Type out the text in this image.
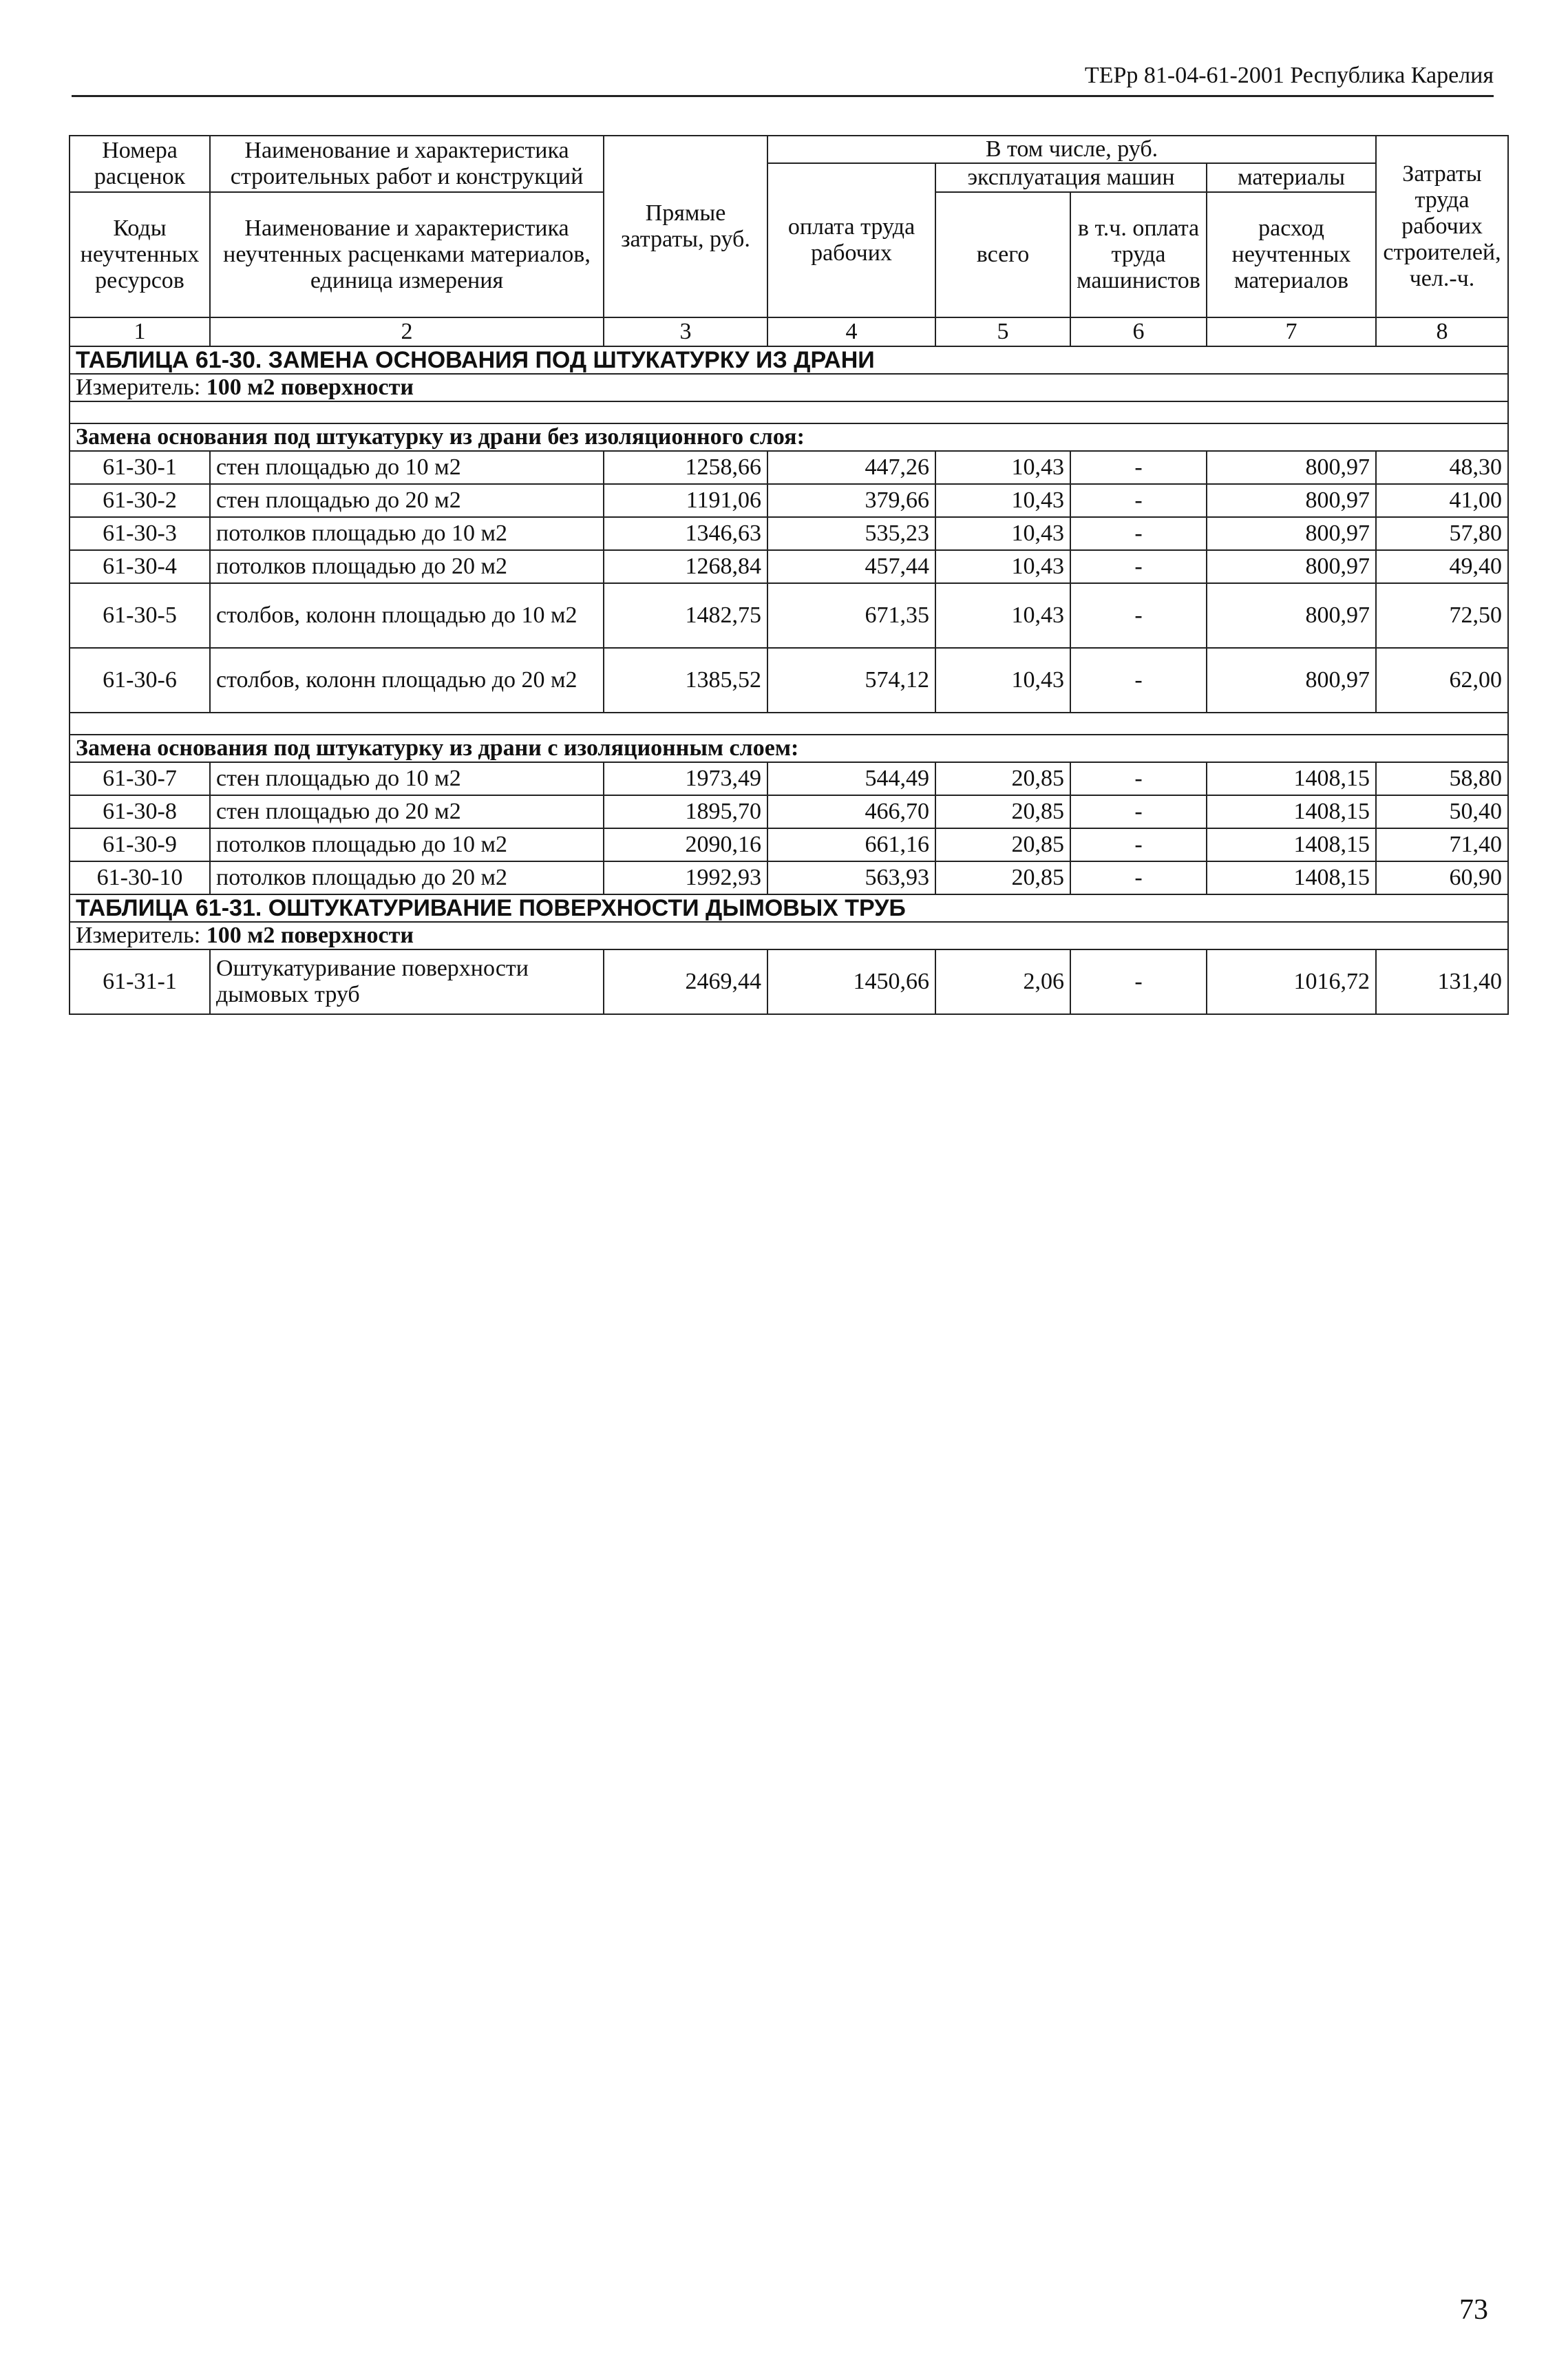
ТЕРр 81-04-61-2001 Республика Карелия
Номера расценок	Наименование и характеристика строительных работ и конструкций	Прямые затраты, руб.	В том числе, руб.				Затраты труда рабочих строителей, чел.-ч.
			оплата труда рабочих	эксплуатация машин		материалы	
Коды неучтенных ресурсов	Наименование и характеристика неучтенных расценками материалов, единица измерения			всего	в т.ч. оплата труда машинистов	расход неучтенных материалов	

1	2	3	4	5	6	7	8
ТАБЛИЦА 61-30. ЗАМЕНА ОСНОВАНИЯ ПОД ШТУКАТУРКУ ИЗ ДРАНИ							
Измеритель: 100 м2 поверхности							

Замена основания под штукатурку из драни без изоляционного слоя:							
61-30-1	стен площадью до 10 м2	1258,66	447,26	10,43	-	800,97	48,30
61-30-2	стен площадью до 20 м2	1191,06	379,66	10,43	-	800,97	41,00
61-30-3	потолков площадью до 10 м2	1346,63	535,23	10,43	-	800,97	57,80
61-30-4	потолков площадью до 20 м2	1268,84	457,44	10,43	-	800,97	49,40
61-30-5	столбов, колонн площадью до 10 м2	1482,75	671,35	10,43	-	800,97	72,50
61-30-6	столбов, колонн площадью до 20 м2	1385,52	574,12	10,43	-	800,97	62,00

Замена основания под штукатурку из драни с изоляционным слоем:							
61-30-7	стен площадью до 10 м2	1973,49	544,49	20,85	-	1408,15	58,80
61-30-8	стен площадью до 20 м2	1895,70	466,70	20,85	-	1408,15	50,40
61-30-9	потолков площадью до 10 м2	2090,16	661,16	20,85	-	1408,15	71,40
61-30-10	потолков площадью до 20 м2	1992,93	563,93	20,85	-	1408,15	60,90
ТАБЛИЦА 61-31. ОШТУКАТУРИВАНИЕ ПОВЕРХНОСТИ ДЫМОВЫХ ТРУБ							
Измеритель: 100 м2 поверхности							
61-31-1	Оштукатуривание поверхности дымовых труб	2469,44	1450,66	2,06	-	1016,72	131,40
73
